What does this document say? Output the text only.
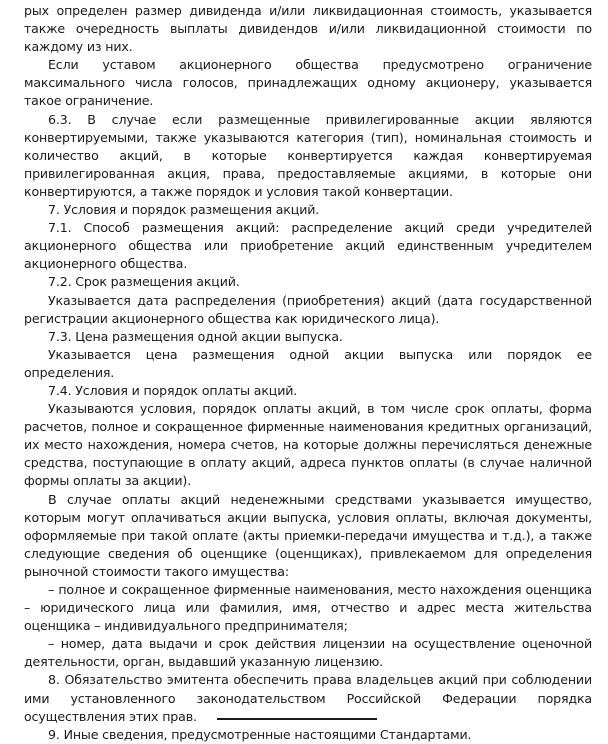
рых определен размер дивиденда и/или ликвидационная стоимость, указывается также очередность выплаты дивидендов и/или ликвидационной стоимости по каждому из них.

Если уставом акционерного общества предусмотрено ограничение максимального числа голосов, принадлежащих одному акционеру, указывается такое ограничение.

6.3. В случае если размещенные привилегированные акции являются конвертируемыми, также указываются категория (тип), номинальная стоимость и количество акций, в которые конвертируется каждая конвертируемая привилегированная акция, права, предоставляемые акциями, в которые они конвертируются, а также порядок и условия такой конвертации.

7. Условия и порядок размещения акций.

7.1. Способ размещения акций: распределение акций среди учредителей акционерного общества или приобретение акций единственным учредителем акционерного общества.

7.2. Срок размещения акций.

Указывается дата распределения (приобретения) акций (дата государственной регистрации акционерного общества как юридического лица).

7.3. Цена размещения одной акции выпуска.

Указывается цена размещения одной акции выпуска или порядок ее определения.

7.4. Условия и порядок оплаты акций.

Указываются условия, порядок оплаты акций, в том числе срок оплаты, форма расчетов, полное и сокращенное фирменные наименования кредитных организаций, их место нахождения, номера счетов, на которые должны перечисляться денежные средства, поступающие в оплату акций, адреса пунктов оплаты (в случае наличной формы оплаты за акции).

В случае оплаты акций неденежными средствами указывается имущество, которым могут оплачиваться акции выпуска, условия оплаты, включая документы, оформляемые при такой оплате (акты приемки-передачи имущества и т.д.), а также следующие сведения об оценщике (оценщиках), привлекаемом для определения рыночной стоимости такого имущества:

– полное и сокращенное фирменные наименования, место нахождения оценщика – юридического лица или фамилия, имя, отчество и адрес места жительства оценщика – индивидуального предпринимателя;

– номер, дата выдачи и срок действия лицензии на осуществление оценочной деятельности, орган, выдавший указанную лицензию.

8. Обязательство эмитента обеспечить права владельцев акций при соблюдении ими установленного законодательством Российской Федерации порядка осуществления этих прав.

9. Иные сведения, предусмотренные настоящими Стандартами.
